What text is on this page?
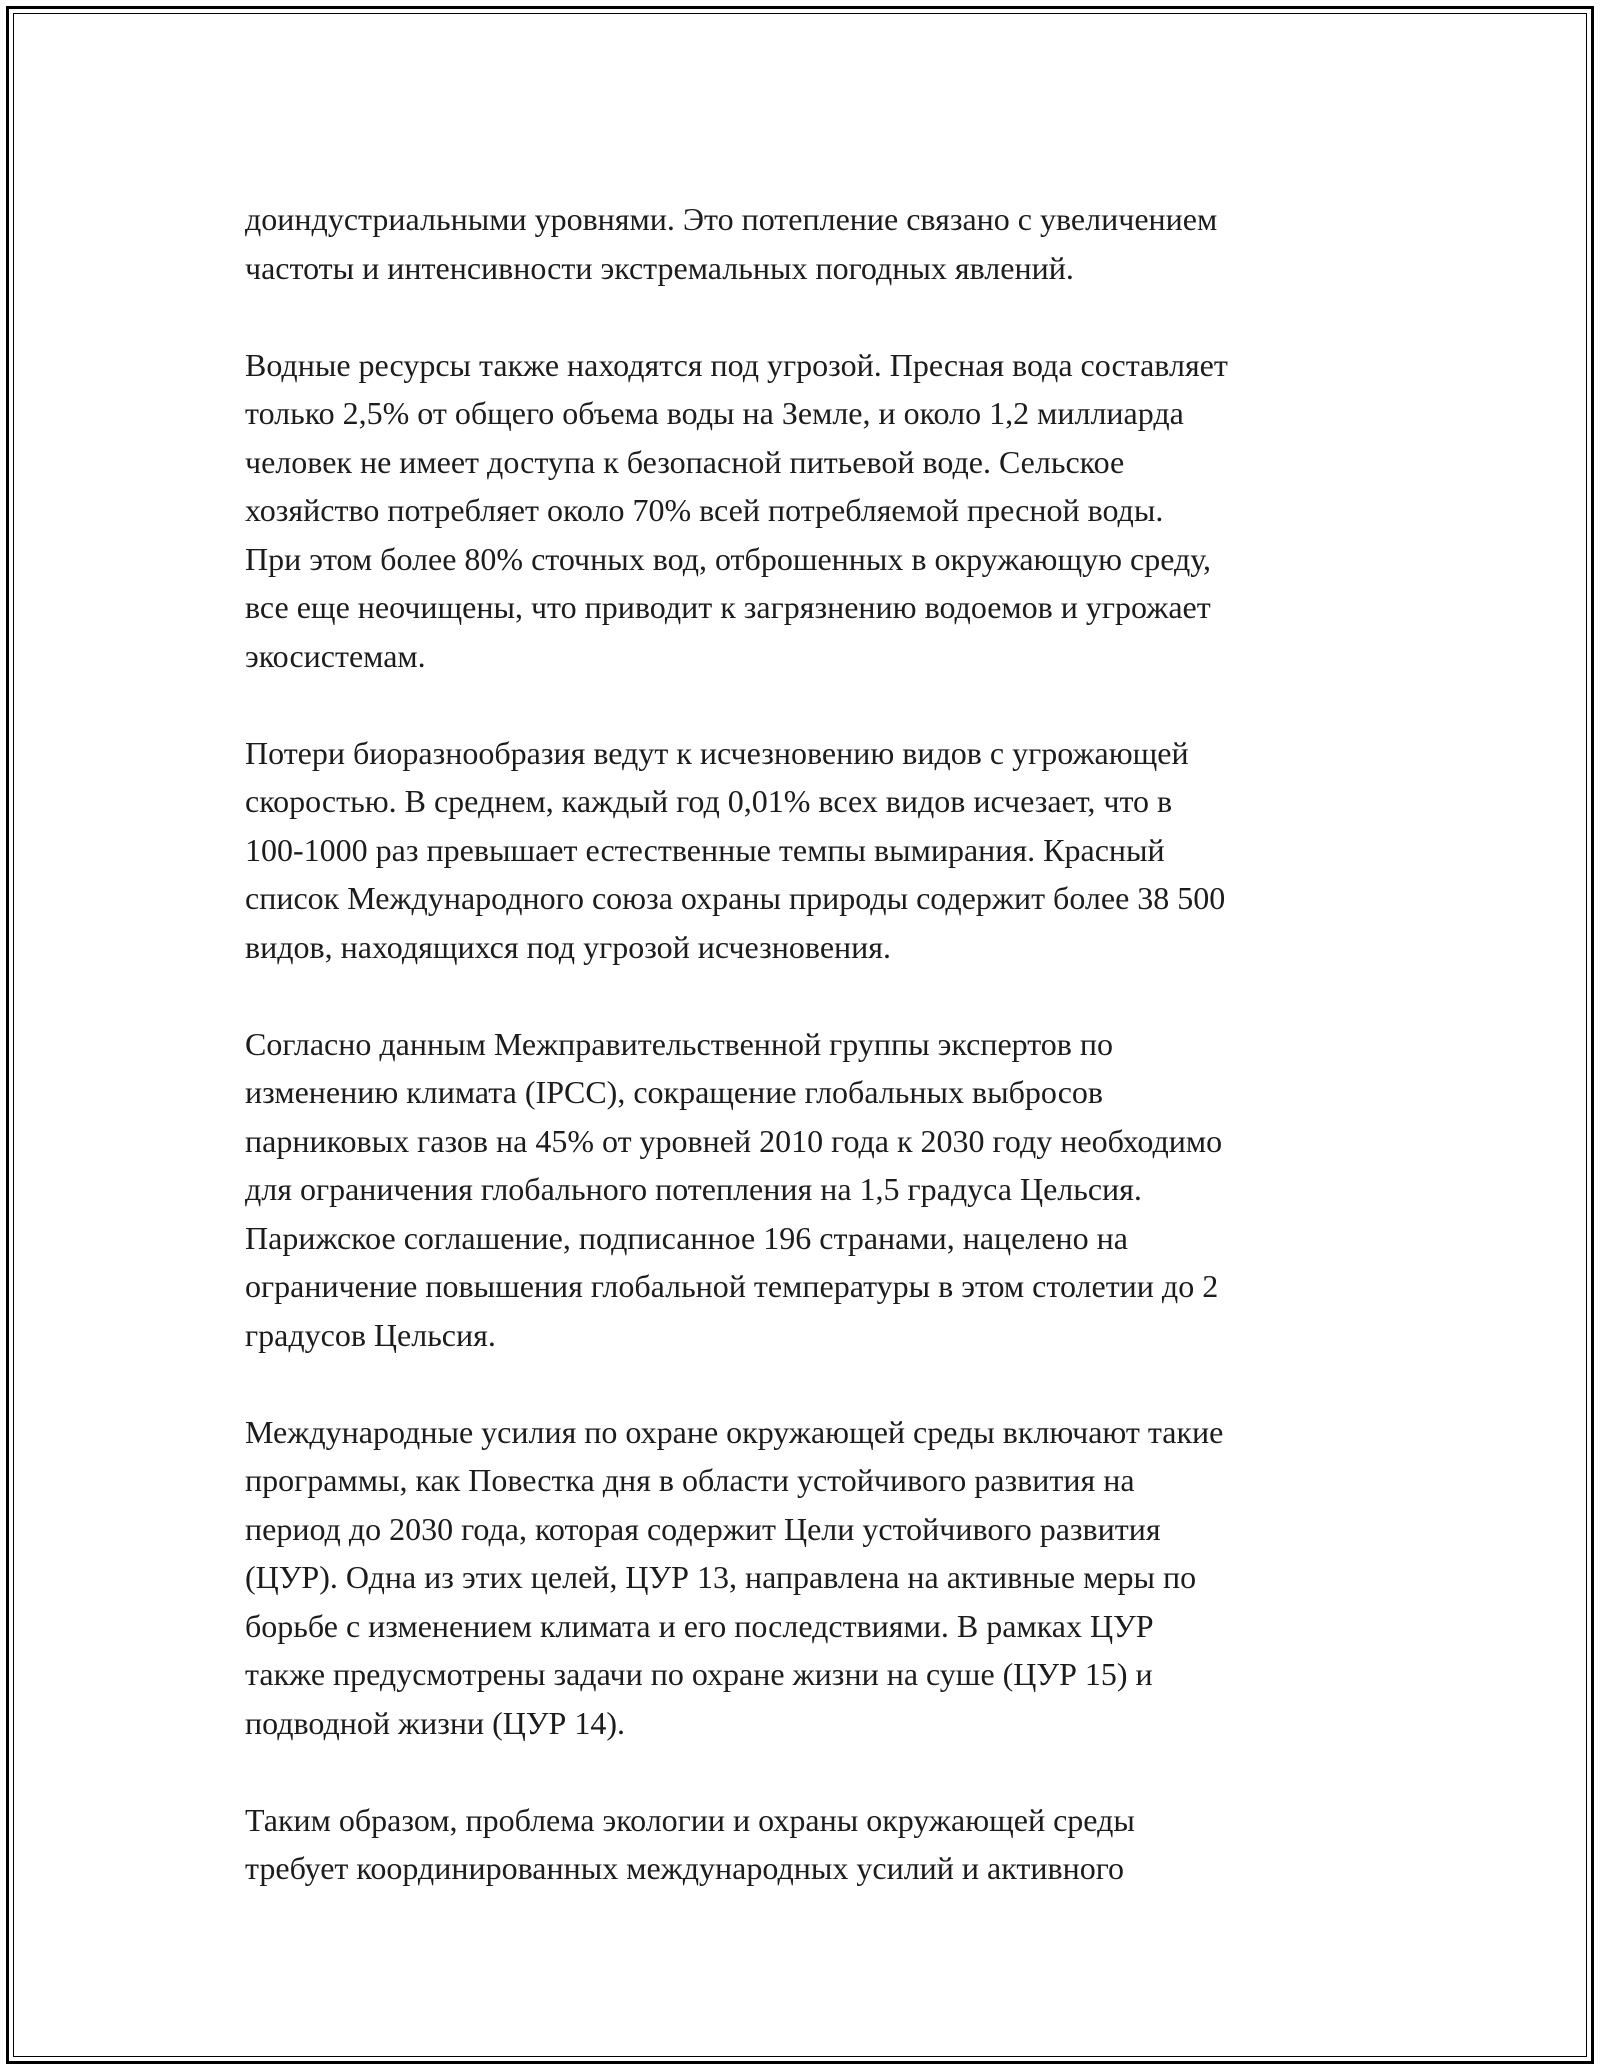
доиндустриальными уровнями. Это потепление связано с увеличением
частоты и интенсивности экстремальных погодных явлений.

Водные ресурсы также находятся под угрозой. Пресная вода составляет
только 2,5% от общего объема воды на Земле, и около 1,2 миллиарда
человек не имеет доступа к безопасной питьевой воде. Сельское
хозяйство потребляет около 70% всей потребляемой пресной воды.
При этом более 80% сточных вод, отброшенных в окружающую среду,
все еще неочищены, что приводит к загрязнению водоемов и угрожает
экосистемам.

Потери биоразнообразия ведут к исчезновению видов с угрожающей
скоростью. В среднем, каждый год 0,01% всех видов исчезает, что в
100-1000 раз превышает естественные темпы вымирания. Красный
список Международного союза охраны природы содержит более 38 500
видов, находящихся под угрозой исчезновения.

Согласно данным Межправительственной группы экспертов по
изменению климата (IPCC), сокращение глобальных выбросов
парниковых газов на 45% от уровней 2010 года к 2030 году необходимо
для ограничения глобального потепления на 1,5 градуса Цельсия.
Парижское соглашение, подписанное 196 странами, нацелено на
ограничение повышения глобальной температуры в этом столетии до 2
градусов Цельсия.

Международные усилия по охране окружающей среды включают такие
программы, как Повестка дня в области устойчивого развития на
период до 2030 года, которая содержит Цели устойчивого развития
(ЦУР). Одна из этих целей, ЦУР 13, направлена на активные меры по
борьбе с изменением климата и его последствиями. В рамках ЦУР
также предусмотрены задачи по охране жизни на суше (ЦУР 15) и
подводной жизни (ЦУР 14).

Таким образом, проблема экологии и охраны окружающей среды
требует координированных международных усилий и активного
